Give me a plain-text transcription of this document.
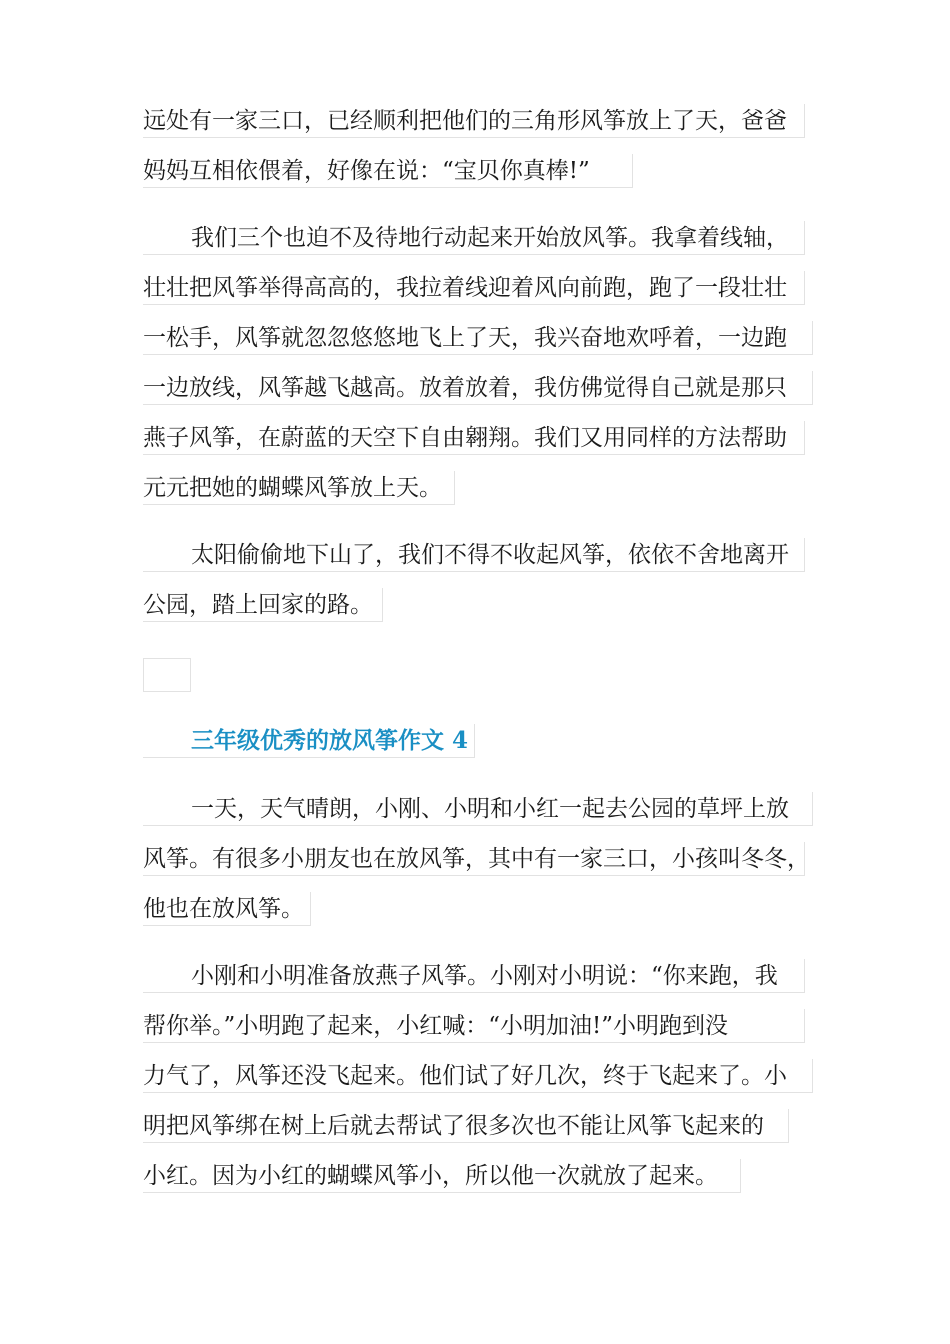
远处有一家三口，已经顺利把他们的三角形风筝放上了天，爸爸
妈妈互相依偎着，好像在说：“宝贝你真棒!”
我们三个也迫不及待地行动起来开始放风筝。我拿着线轴，
壮壮把风筝举得高高的，我拉着线迎着风向前跑，跑了一段壮壮
一松手，风筝就忽忽悠悠地飞上了天，我兴奋地欢呼着，一边跑
一边放线，风筝越飞越高。放着放着，我仿佛觉得自己就是那只
燕子风筝，在蔚蓝的天空下自由翱翔。我们又用同样的方法帮助
元元把她的蝴蝶风筝放上天。
太阳偷偷地下山了，我们不得不收起风筝，依依不舍地离开
公园，踏上回家的路。
三年级优秀的放风筝作文 4
一天，天气晴朗，小刚、小明和小红一起去公园的草坪上放
风筝。有很多小朋友也在放风筝，其中有一家三口，小孩叫冬冬，
他也在放风筝。
小刚和小明准备放燕子风筝。小刚对小明说：“你来跑，我
帮你举。”小明跑了起来，小红喊：“小明加油!”小明跑到没
力气了，风筝还没飞起来。他们试了好几次，终于飞起来了。小
明把风筝绑在树上后就去帮试了很多次也不能让风筝飞起来的
小红。因为小红的蝴蝶风筝小，所以他一次就放了起来。
